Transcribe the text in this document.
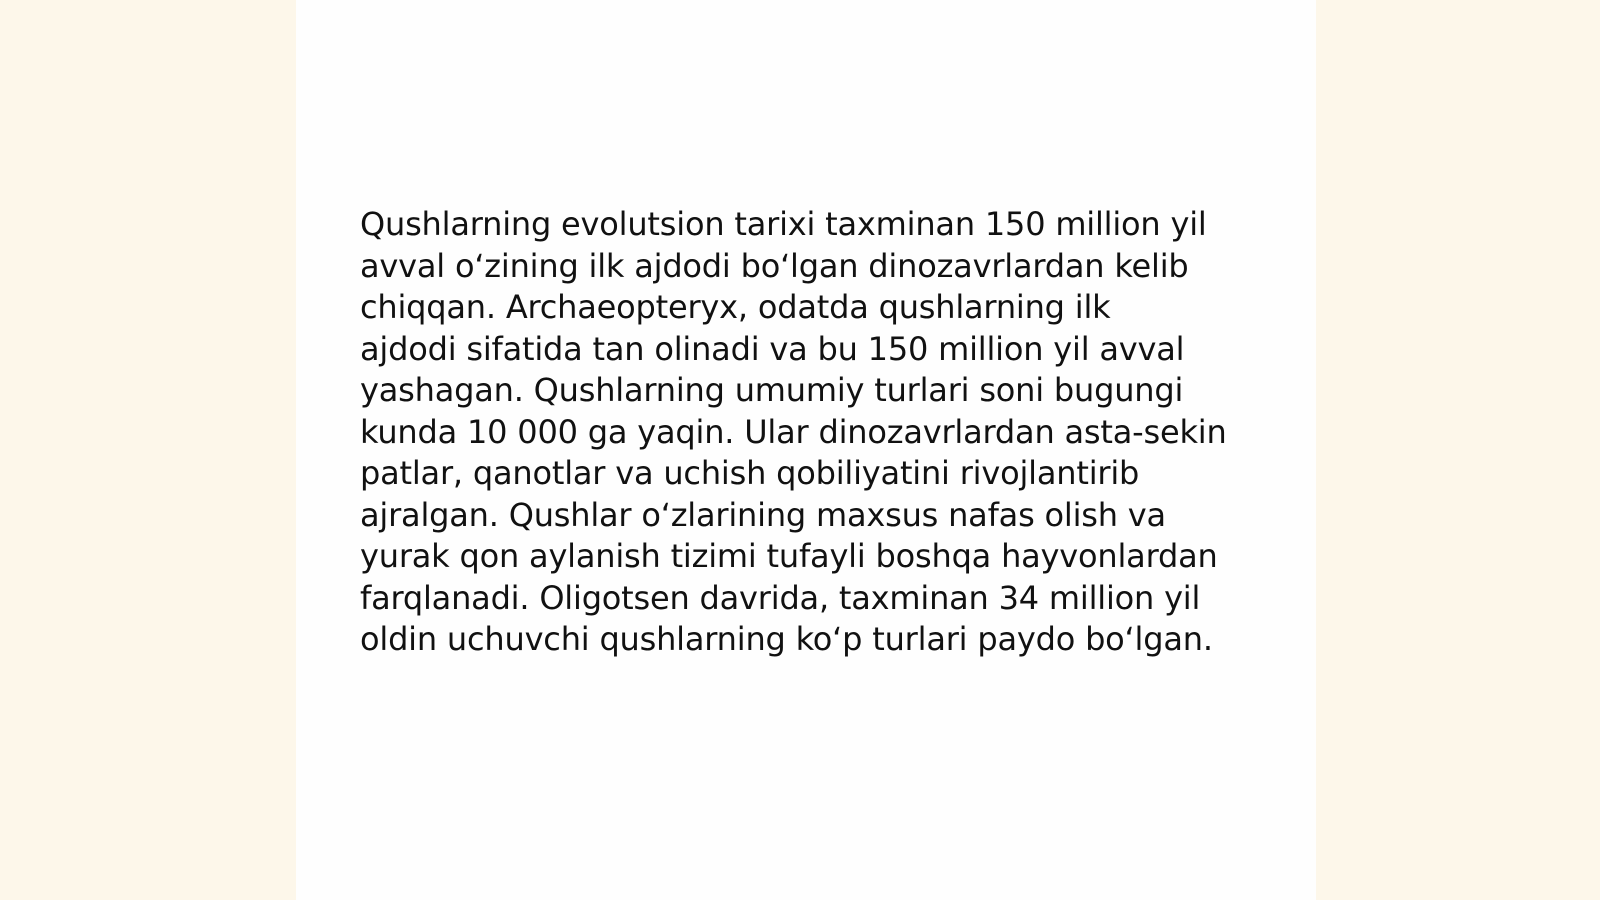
Qushlarning evolutsion tarixi taxminan 150 million yil
avval o‘zining ilk ajdodi bo‘lgan dinozavrlardan kelib
chiqqan. Archaeopteryx, odatda qushlarning ilk
ajdodi sifatida tan olinadi va bu 150 million yil avval
yashagan. Qushlarning umumiy turlari soni bugungi
kunda 10 000 ga yaqin. Ular dinozavrlardan asta-sekin
patlar, qanotlar va uchish qobiliyatini rivojlantirib
ajralgan. Qushlar o‘zlarining maxsus nafas olish va
yurak qon aylanish tizimi tufayli boshqa hayvonlardan
farqlanadi. Oligotsen davrida, taxminan 34 million yil
oldin uchuvchi qushlarning ko‘p turlari paydo bo‘lgan.
